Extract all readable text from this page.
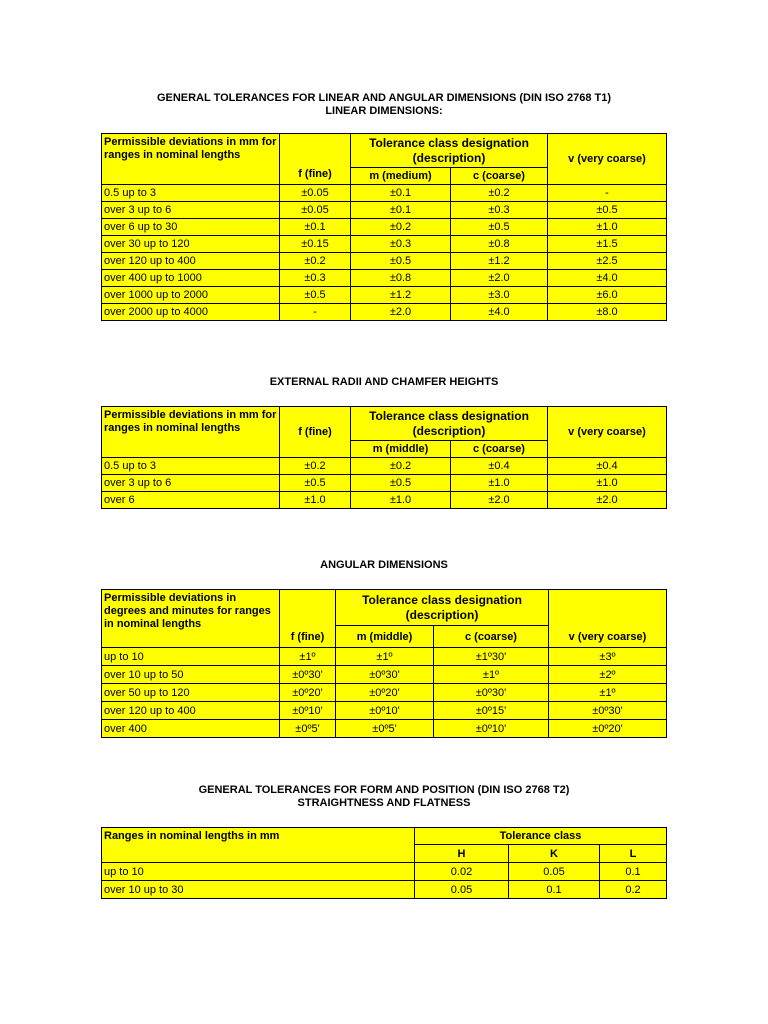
GENERAL TOLERANCES FOR LINEAR AND ANGULAR DIMENSIONS (DIN ISO 2768 T1)
LINEAR DIMENSIONS:
Permissible deviations in mm for ranges in nominal lengths	f (fine)	Tolerance class designation (description)		v (very coarse)
		m (medium)	c (coarse)	
0.5 up to 3	±0.05	±0.1	±0.2	-
over 3 up to 6	±0.05	±0.1	±0.3	±0.5
over 6 up to 30	±0.1	±0.2	±0.5	±1.0
over 30 up to 120	±0.15	±0.3	±0.8	±1.5
over 120 up to 400	±0.2	±0.5	±1.2	±2.5
over 400 up to 1000	±0.3	±0.8	±2.0	±4.0
over 1000 up to 2000	±0.5	±1.2	±3.0	±6.0
over 2000 up to 4000	-	±2.0	±4.0	±8.0
EXTERNAL RADII AND CHAMFER HEIGHTS
Permissible deviations in mm for ranges in nominal lengths	f (fine)	Tolerance class designation (description)		v (very coarse)
		m (middle)	c (coarse)	
0.5 up to 3	±0.2	±0.2	±0.4	±0.4
over 3 up to 6	±0.5	±0.5	±1.0	±1.0
over 6	±1.0	±1.0	±2.0	±2.0
ANGULAR DIMENSIONS
Permissible deviations in degrees and minutes for ranges in nominal lengths	f (fine)	Tolerance class designation (description)		v (very coarse)
		m (middle)	c (coarse)	
up to 10	±1º	±1º	±1º30'	±3º
over 10 up to 50	±0º30'	±0º30'	±1º	±2º
over 50 up to 120	±0º20'	±0º20'	±0º30'	±1º
over 120 up to 400	±0º10'	±0º10'	±0º15'	±0º30'
over 400	±0º5'	±0º5'	±0º10'	±0º20'
GENERAL TOLERANCES FOR FORM AND POSITION (DIN ISO 2768 T2)
STRAIGHTNESS AND FLATNESS
Ranges in nominal lengths in mm	Tolerance class		
	H	K	L
up to 10	0.02	0.05	0.1
over 10 up to 30	0.05	0.1	0.2
